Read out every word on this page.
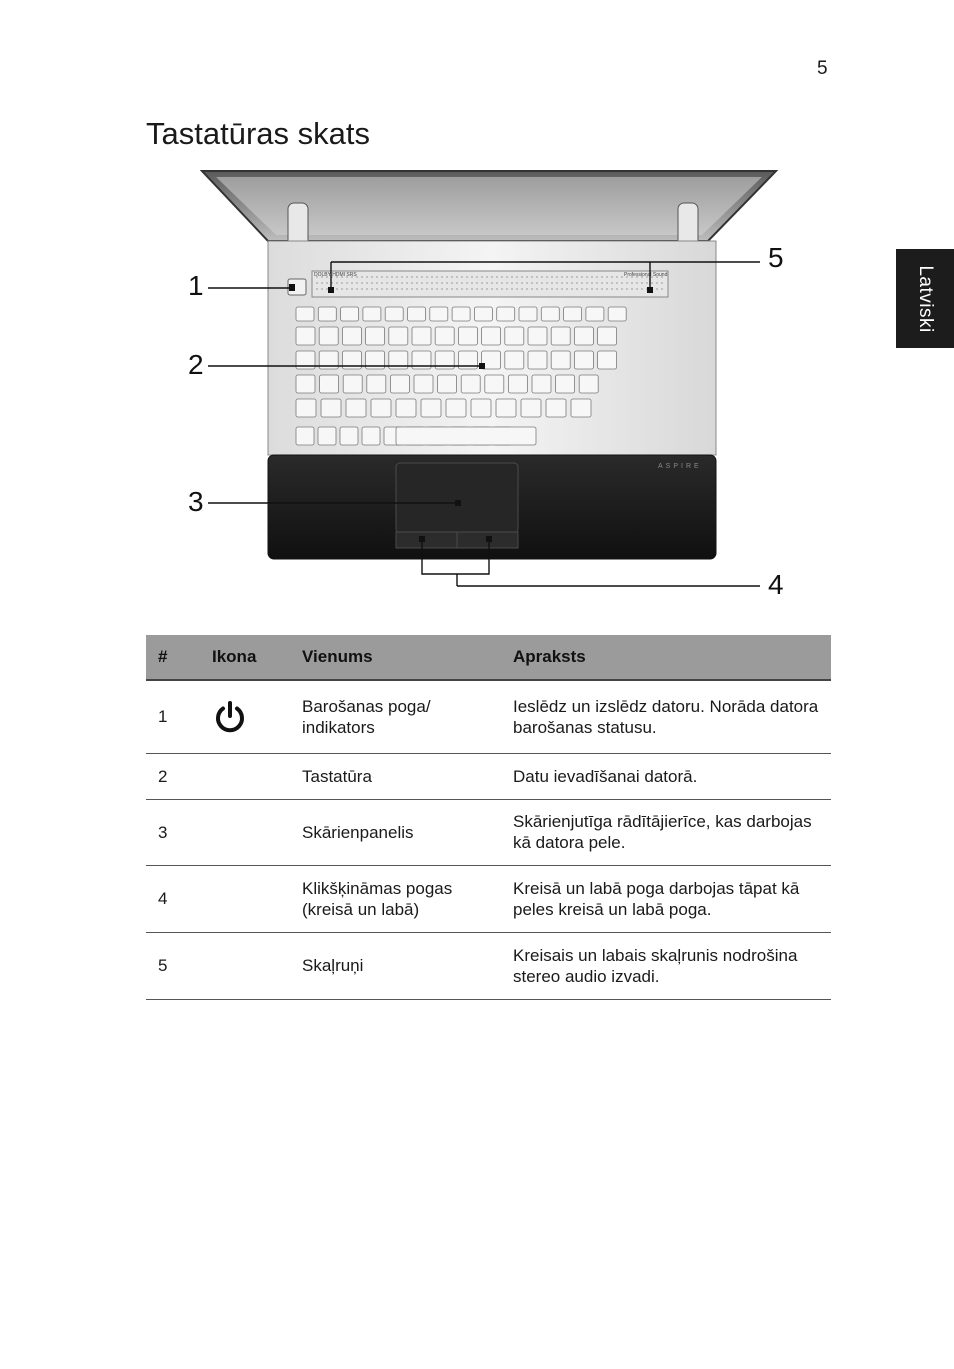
5
Tastatūras skats
Latviski
DOLBY HDMI SRS	Professional Sound
ASPIRE
1
2
3
4
5
#	Ikona	Vienums	Apraksts
1		Barošanas poga/ indikators	Ieslēdz un izslēdz datoru. Norāda datora barošanas statusu.
2		Tastatūra	Datu ievadīšanai datorā.
3		Skārienpanelis	Skārienjutīga rādītājierīce, kas darbojas kā datora pele.
4		Klikšķināmas pogas (kreisā un labā)	Kreisā un labā poga darbojas tāpat kā peles kreisā un labā poga.
5		Skaļruņi	Kreisais un labais skaļrunis nodrošina stereo audio izvadi.
